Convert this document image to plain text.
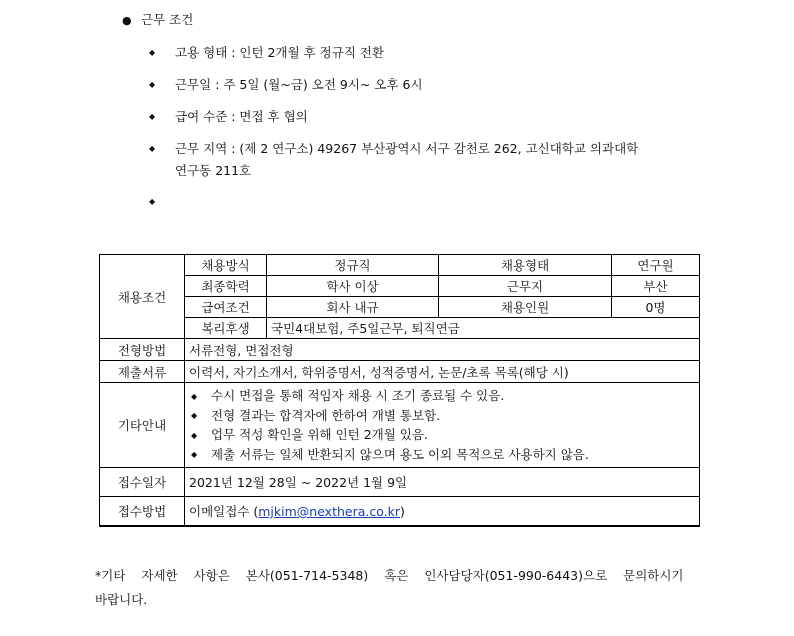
● 근무 조건
◆ 고용 형태 : 인턴 2개월 후 정규직 전환
◆ 근무일 : 주 5일 (월~금) 오전 9시~ 오후 6시
◆ 급여 수준 : 면접 후 협의
◆ 근무 지역 : (제 2 연구소) 49267 부산광역시 서구 감천로 262, 고신대학교 의과대학
연구동 211호
◆
채용조건	채용방식	정규직	채용형태	연구원
	최종학력	학사 이상	근무지	부산
	급여조건	회사 내규	채용인원	0명
	복리후생	국민4대보험, 주5일근무, 퇴직연금		
전형방법	서류전형, 면접전형			
제출서류	이력서, 자기소개서, 학위증명서, 성적증명서, 논문/초록 목록(해당 시)			
기타안내	◆ 수시 면접을 통해 적임자 채용 시 조기 종료될 수 있음.
◆ 전형 결과는 합격자에 한하여 개별 통보함.
◆ 업무 적성 확인을 위해 인턴 2개월 있음.
◆ 제출 서류는 일체 반환되지 않으며 용도 이외 목적으로 사용하지 않음.			

접수일자	2021년 12월 28일 ~ 2022년 1월 9일			
접수방법	이메일접수 (mjkim@nexthera.co.kr)			
*기타 자세한 사항은 본사(051-714-5348) 혹은 인사담당자(051-990-6443)으로 문의하시기
바랍니다.
